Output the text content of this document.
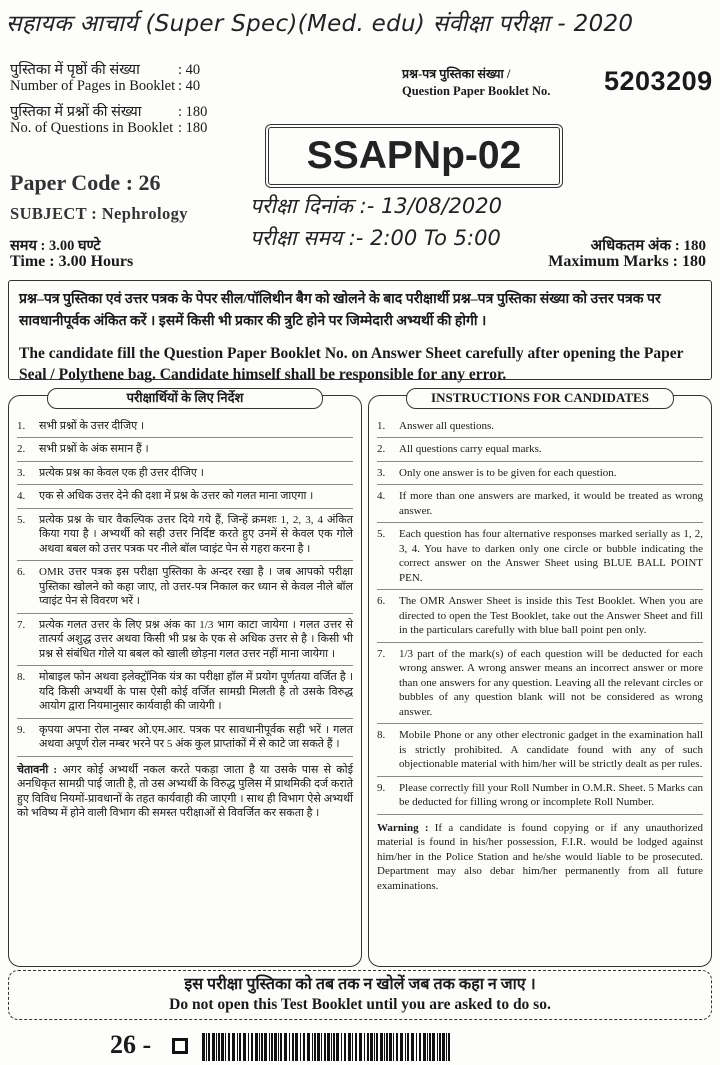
सहायक आचार्य (Super Spec)(Med. edu) संवीक्षा परीक्षा - 2020
पुस्तिका में पृष्ठों की संख्या	: 40
Number of Pages in Booklet : 40
पुस्तिका में प्रश्नों की संख्या	: 180
No. of Questions in Booklet : 180
प्रश्न-पत्र पुस्तिका संख्या /
Question Paper Booklet No. 5203209
SSAPNp-02
Paper Code : 26
SUBJECT : Nephrology
समय : 3.00 घण्टे
Time : 3.00 Hours
परीक्षा दिनांक :- 13/08/2020
परीक्षा समय :- 2:00 To 5:00	अधिकतम अंक : 180
Maximum Marks : 180
प्रश्न–पत्र पुस्तिका एवं उत्तर पत्रक के पेपर सील/पॉलिथीन बैग को खोलने के बाद परीक्षार्थी प्रश्न–पत्र पुस्तिका संख्या को उत्तर पत्रक पर सावधानीपूर्वक अंकित करें । इसमें किसी भी प्रकार की त्रुटि होने पर जिम्मेदारी अभ्यर्थी की होगी ।
The candidate fill the Question Paper Booklet No. on Answer Sheet carefully after opening the Paper Seal / Polythene bag. Candidate himself shall be responsible for any error.
परीक्षार्थियों के लिए निर्देश
1.	सभी प्रश्नों के उत्तर दीजिए ।
2.	सभी प्रश्नों के अंक समान हैं ।
3.	प्रत्येक प्रश्न का केवल एक ही उत्तर दीजिए ।
4.	एक से अधिक उत्तर देने की दशा में प्रश्न के उत्तर को गलत माना जाएगा ।
5.	प्रत्येक प्रश्न के चार वैकल्पिक उत्तर दिये गये हैं, जिन्हें क्रमशः 1, 2, 3, 4 अंकित किया गया है । अभ्यर्थी को सही उत्तर निर्दिष्ट करते हुए उनमें से केवल एक गोले अथवा बबल को उत्तर पत्रक पर नीले बॉल प्वाइंट पेन से गहरा करना है ।
6.	OMR उत्तर पत्रक इस परीक्षा पुस्तिका के अन्दर रखा है । जब आपको परीक्षा पुस्तिका खोलने को कहा जाए, तो उत्तर-पत्र निकाल कर ध्यान से केवल नीले बॉल प्वाइंट पेन से विवरण भरें ।
7.	प्रत्येक गलत उत्तर के लिए प्रश्न अंक का 1/3 भाग काटा जायेगा । गलत उत्तर से तात्पर्य अशुद्ध उत्तर अथवा किसी भी प्रश्न के एक से अधिक उत्तर से है । किसी भी प्रश्न से संबंधित गोले या बबल को खाली छोड़ना गलत उत्तर नहीं माना जायेगा ।
8.	मोबाइल फोन अथवा इलेक्ट्रॉनिक यंत्र का परीक्षा हॉल में प्रयोग पूर्णतया वर्जित है । यदि किसी अभ्यर्थी के पास ऐसी कोई वर्जित सामग्री मिलती है तो उसके विरुद्ध आयोग द्वारा नियमानुसार कार्यवाही की जायेगी ।
9.	कृपया अपना रोल नम्बर ओ.एम.आर. पत्रक पर सावधानीपूर्वक सही भरें । गलत अथवा अपूर्ण रोल नम्बर भरने पर 5 अंक कुल प्राप्तांकों में से काटे जा सकते हैं ।
चेतावनी : अगर कोई अभ्यर्थी नकल करते पकड़ा जाता है या उसके पास से कोई अनधिकृत सामग्री पाई जाती है, तो उस अभ्यर्थी के विरुद्ध पुलिस में प्राथमिकी दर्ज कराते हुए विविध नियमों-प्रावधानों के तहत कार्यवाही की जाएगी । साथ ही विभाग ऐसे अभ्यर्थी को भविष्य में होने वाली विभाग की समस्त परीक्षाओं से विवर्जित कर सकता है ।
INSTRUCTIONS FOR CANDIDATES
1.	Answer all questions.
2.	All questions carry equal marks.
3.	Only one answer is to be given for each question.
4.	If more than one answers are marked, it would be treated as wrong answer.
5.	Each question has four alternative responses marked serially as 1, 2, 3, 4. You have to darken only one circle or bubble indicating the correct answer on the Answer Sheet using BLUE BALL POINT PEN.
6.	The OMR Answer Sheet is inside this Test Booklet. When you are directed to open the Test Booklet, take out the Answer Sheet and fill in the particulars carefully with blue ball point pen only.
7.	1/3 part of the mark(s) of each question will be deducted for each wrong answer. A wrong answer means an incorrect answer or more than one answers for any question. Leaving all the relevant circles or bubbles of any question blank will not be considered as wrong answer.
8.	Mobile Phone or any other electronic gadget in the examination hall is strictly prohibited. A candidate found with any of such objectionable material with him/her will be strictly dealt as per rules.
9.	Please correctly fill your Roll Number in O.M.R. Sheet. 5 Marks can be deducted for filling wrong or incomplete Roll Number.
Warning : If a candidate is found copying or if any unauthorized material is found in his/her possession, F.I.R. would be lodged against him/her in the Police Station and he/she would liable to be prosecuted. Department may also debar him/her permanently from all future examinations.
इस परीक्षा पुस्तिका को तब तक न खोलें जब तक कहा न जाए ।
Do not open this Test Booklet until you are asked to do so.
26 -
